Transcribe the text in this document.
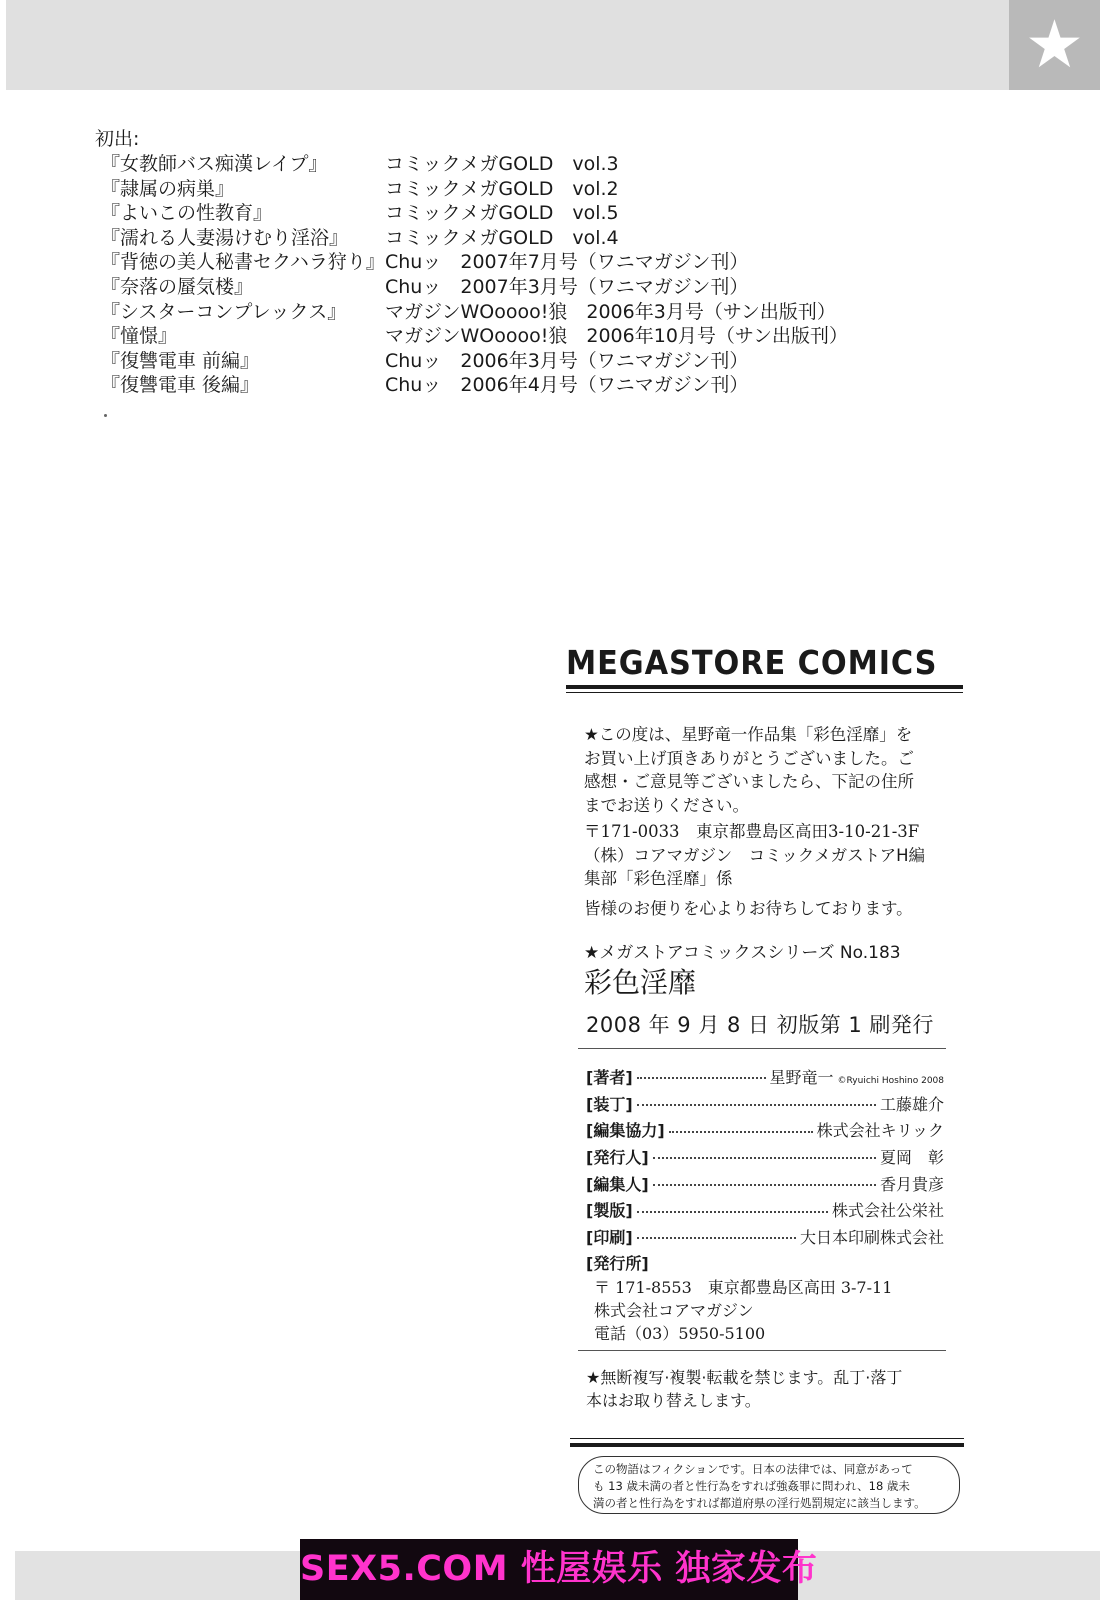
★
初出:
『女教師バス痴漢レイプ』	コミックメガGOLD　vol.3
『隷属の病巣』	コミックメガGOLD　vol.2
『よいこの性教育』	コミックメガGOLD　vol.5
『濡れる人妻湯けむり淫浴』 コミックメガGOLD　vol.4
『背徳の美人秘書セクハラ狩り』 Chuッ　2007年7月号（ワニマガジン刊）
『奈落の蜃気楼』	Chuッ　2007年3月号（ワニマガジン刊）
『シスターコンプレックス』 マガジンWOoooo!狼　2006年3月号（サン出版刊）
『憧憬』	マガジンWOoooo!狼　2006年10月号（サン出版刊）
『復讐電車 前編』	Chuッ　2006年3月号（ワニマガジン刊）
『復讐電車 後編』	Chuッ　2006年4月号（ワニマガジン刊）
MEGASTORE COMICS
★この度は、星野竜一作品集「彩色淫靡」を
お買い上げ頂きありがとうございました。ご
感想・ご意見等ございましたら、下記の住所
までお送りください。
〒171-0033　東京都豊島区高田3-10-21-3F
（株）コアマガジン　コミックメガストアH編
集部「彩色淫靡」係
皆様のお便りを心よりお待ちしております。
★メガストアコミックスシリーズ No.183
彩色淫靡
2008 年 9 月 8 日 初版第 1 刷発行
[著者]	星野竜一 ©Ryuichi Hoshino 2008
[装丁]	工藤雄介
[編集協力]	株式会社キリック
[発行人]	夏岡　彰
[編集人]	香月貴彦
[製版]	株式会社公栄社
[印刷]	大日本印刷株式会社
[発行所]
〒 171-8553　東京都豊島区高田 3-7-11
株式会社コアマガジン
電話（03）5950-5100
★無断複写·複製·転載を禁じます。乱丁·落丁
本はお取り替えします。
この物語はフィクションです。日本の法律では、同意があって
も 13 歳未満の者と性行為をすれば強姦罪に問われ、18 歳未
満の者と性行為をすれば都道府県の淫行処罰規定に該当します。
SEX5.COM 性屋娱乐 独家发布
